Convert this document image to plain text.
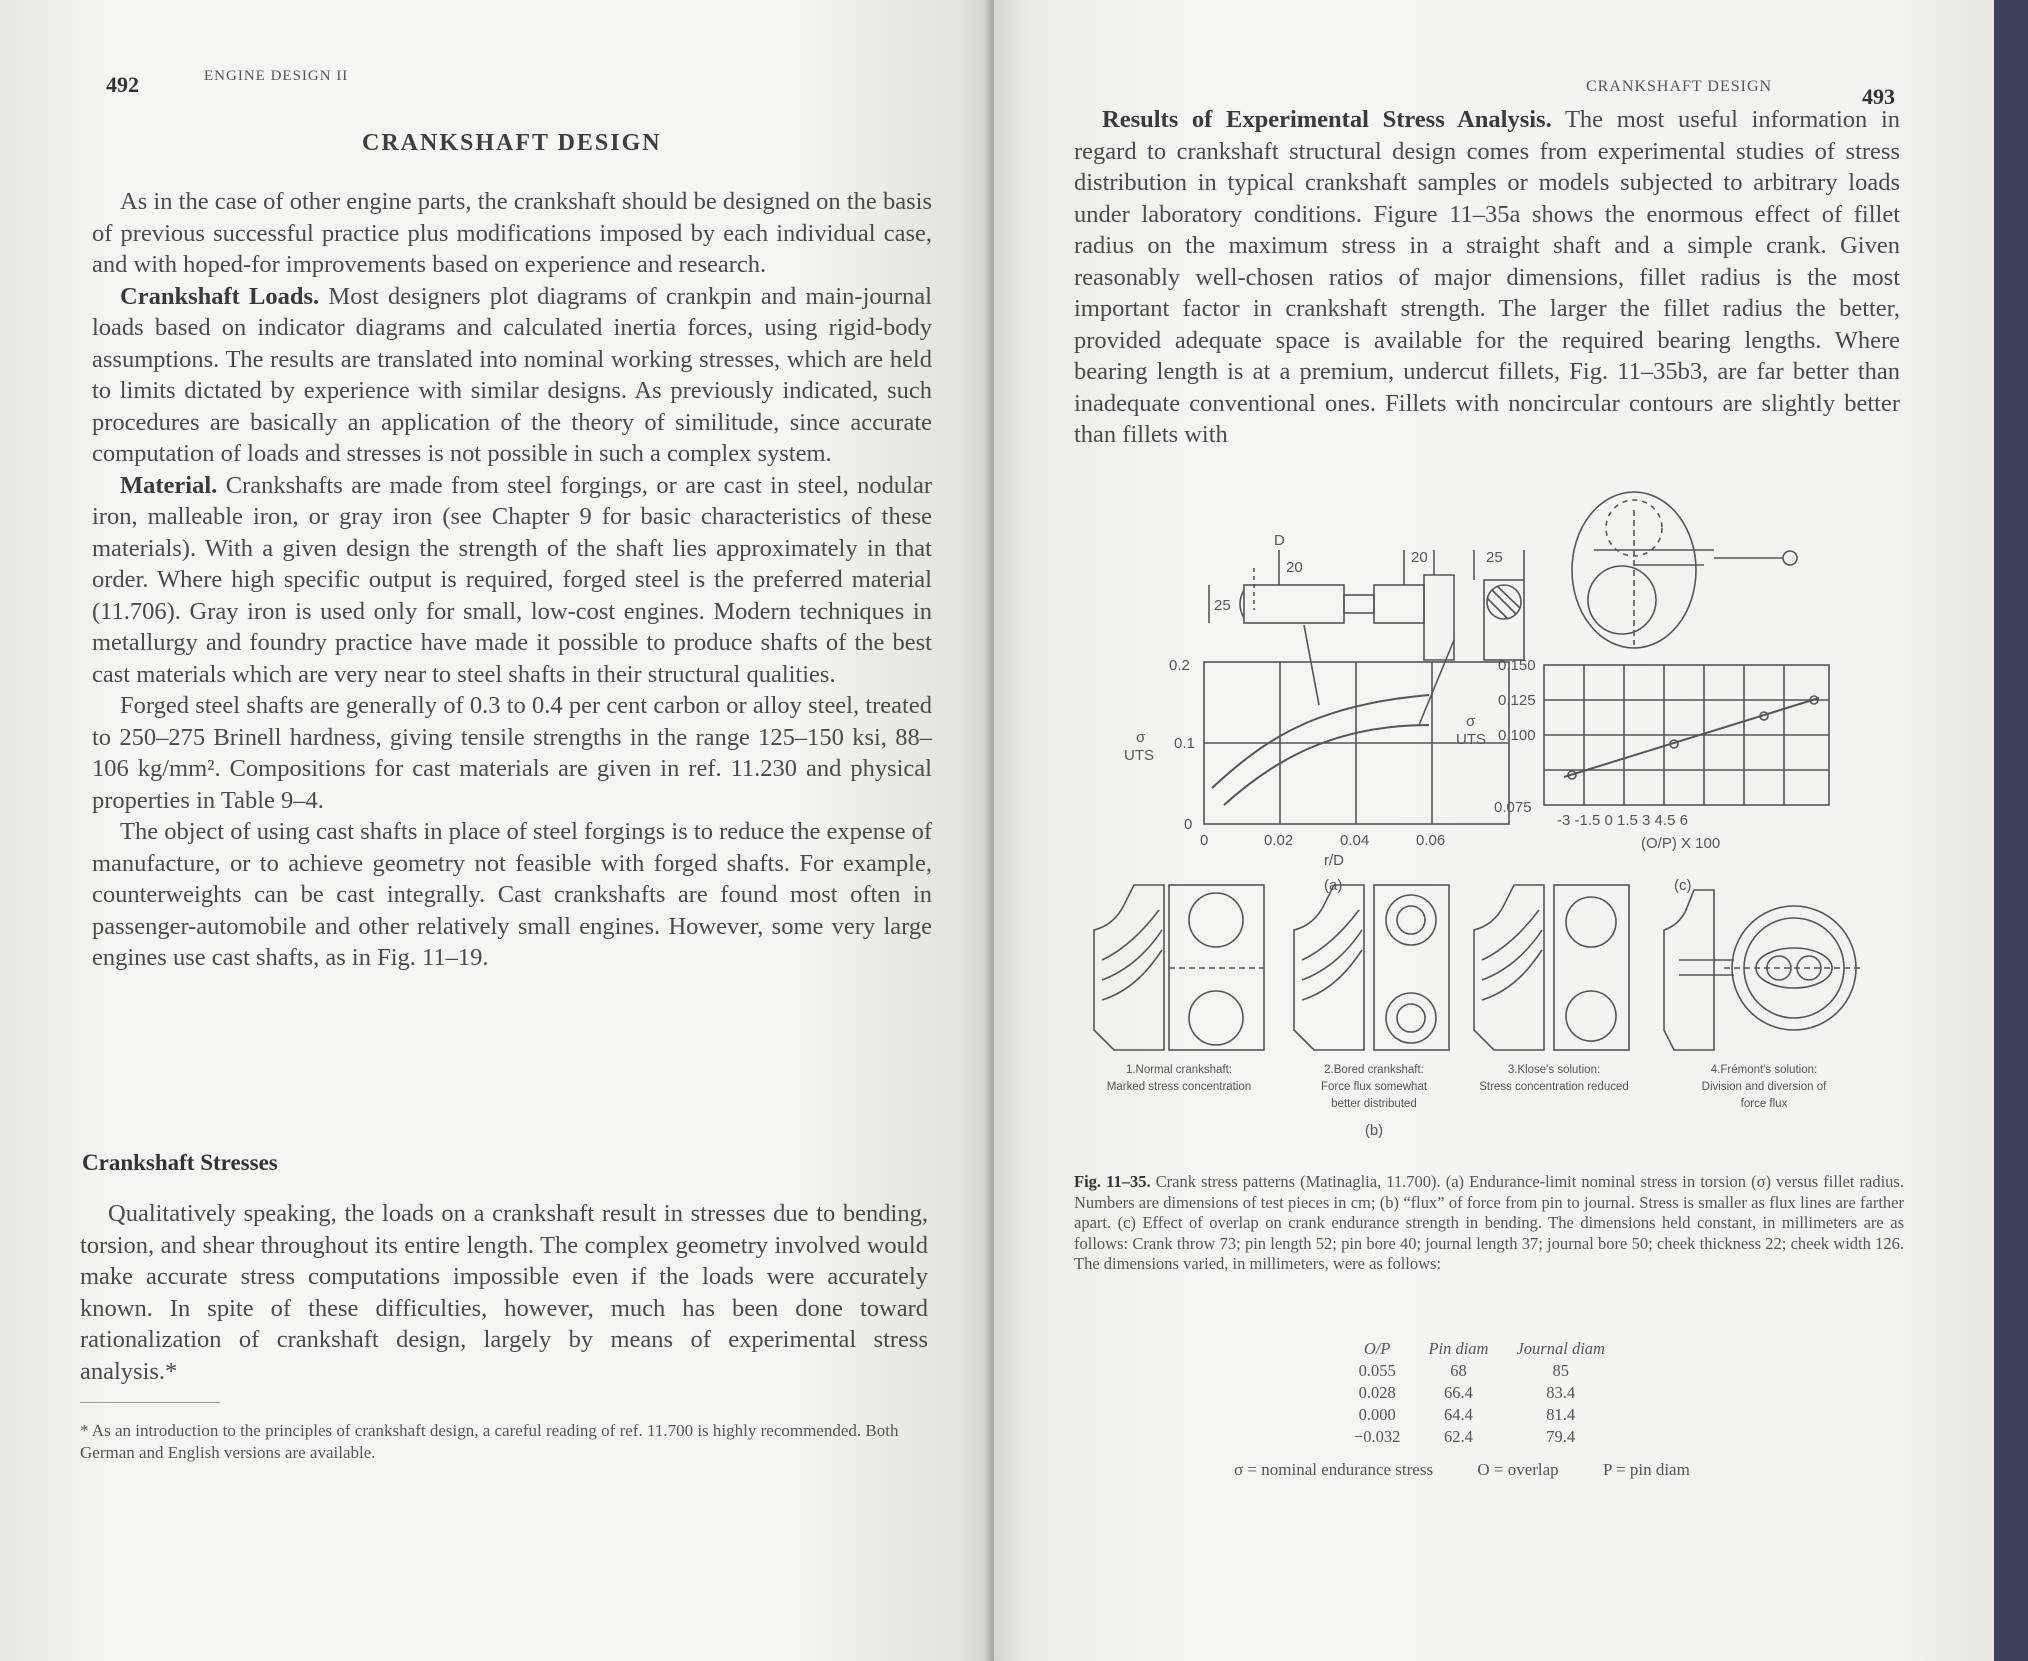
492	ENGINE DESIGN II
CRANKSHAFT DESIGN

As in the case of other engine parts, the crankshaft should be designed on the basis of previous successful practice plus modifications imposed by each individual case, and with hoped-for improvements based on experience and research.

Crankshaft Loads. Most designers plot diagrams of crankpin and main-journal loads based on indicator diagrams and calculated inertia forces, using rigid-body assumptions. The results are translated into nominal working stresses, which are held to limits dictated by experience with similar designs. As previously indicated, such procedures are basically an application of the theory of similitude, since accurate computation of loads and stresses is not possible in such a complex system.

Material. Crankshafts are made from steel forgings, or are cast in steel, nodular iron, malleable iron, or gray iron (see Chapter 9 for basic characteristics of these materials). With a given design the strength of the shaft lies approximately in that order. Where high specific output is required, forged steel is the preferred material (11.706). Gray iron is used only for small, low-cost engines. Modern techniques in metallurgy and foundry practice have made it possible to produce shafts of the best cast materials which are very near to steel shafts in their structural qualities.

Forged steel shafts are generally of 0.3 to 0.4 per cent carbon or alloy steel, treated to 250–275 Brinell hardness, giving tensile strengths in the range 125–150 ksi, 88–106 kg/mm². Compositions for cast materials are given in ref. 11.230 and physical properties in Table 9–4.

The object of using cast shafts in place of steel forgings is to reduce the expense of manufacture, or to achieve geometry not feasible with forged shafts. For example, counterweights can be cast integrally. Cast crankshafts are found most often in passenger-automobile and other relatively small engines. However, some very large engines use cast shafts, as in Fig. 11–19.

Crankshaft Stresses

Qualitatively speaking, the loads on a crankshaft result in stresses due to bending, torsion, and shear throughout its entire length. The complex geometry involved would make accurate stress computations impossible even if the loads were accurately known. In spite of these difficulties, however, much has been done toward rationalization of crankshaft design, largely by means of experimental stress analysis.*

* As an introduction to the principles of crankshaft design, a careful reading of ref. 11.700 is highly recommended. Both German and English versions are available.
CRANKSHAFT DESIGN	493

Results of Experimental Stress Analysis. The most useful information in regard to crankshaft structural design comes from experimental studies of stress distribution in typical crankshaft samples or models subjected to arbitrary loads under laboratory conditions. Figure 11–35a shows the enormous effect of fillet radius on the maximum stress in a straight shaft and a simple crank. Given reasonably well-chosen ratios of major dimensions, fillet radius is the most important factor in crankshaft strength. The larger the fillet radius the better, provided adequate space is available for the required bearing lengths. Where bearing length is at a premium, undercut fillets, Fig. 11–35b3, are far better than inadequate conventional ones. Fillets with noncircular contours are slightly better than fillets with

D
20
20	25
25
0.2
0.1
0
σ
UTS
0	0.02	0.04	0.06
r/D
(a)
0.150
0.125
0.100
0.075
σ
UTS
-3 -1.5 0 1.5 3 4.5 6
(O/P) X 100
(c)
1.Normal crankshaft:
Marked stress concentration
2.Bored crankshaft:
Force flux somewhat
better distributed
3.Klose's solution:
Stress concentration reduced
4.Frémont's solution:
Division and diversion of
force flux
(b)
Fig. 11–35. Crank stress patterns (Matinaglia, 11.700). (a) Endurance-limit nominal stress in torsion (σ) versus fillet radius. Numbers are dimensions of test pieces in cm; (b) “flux” of force from pin to journal. Stress is smaller as flux lines are farther apart. (c) Effect of overlap on crank endurance strength in bending. The dimensions held constant, in millimeters are as follows: Crank throw 73; pin length 52; pin bore 40; journal length 37; journal bore 50; cheek thickness 22; cheek width 126. The dimensions varied, in millimeters, were as follows:
O/P	Pin diam	Journal diam
0.055	68	85
0.028	66.4	83.4
0.000	64.4	81.4
−0.032	62.4	79.4
σ = nominal endurance stress	O = overlap	P = pin diam
